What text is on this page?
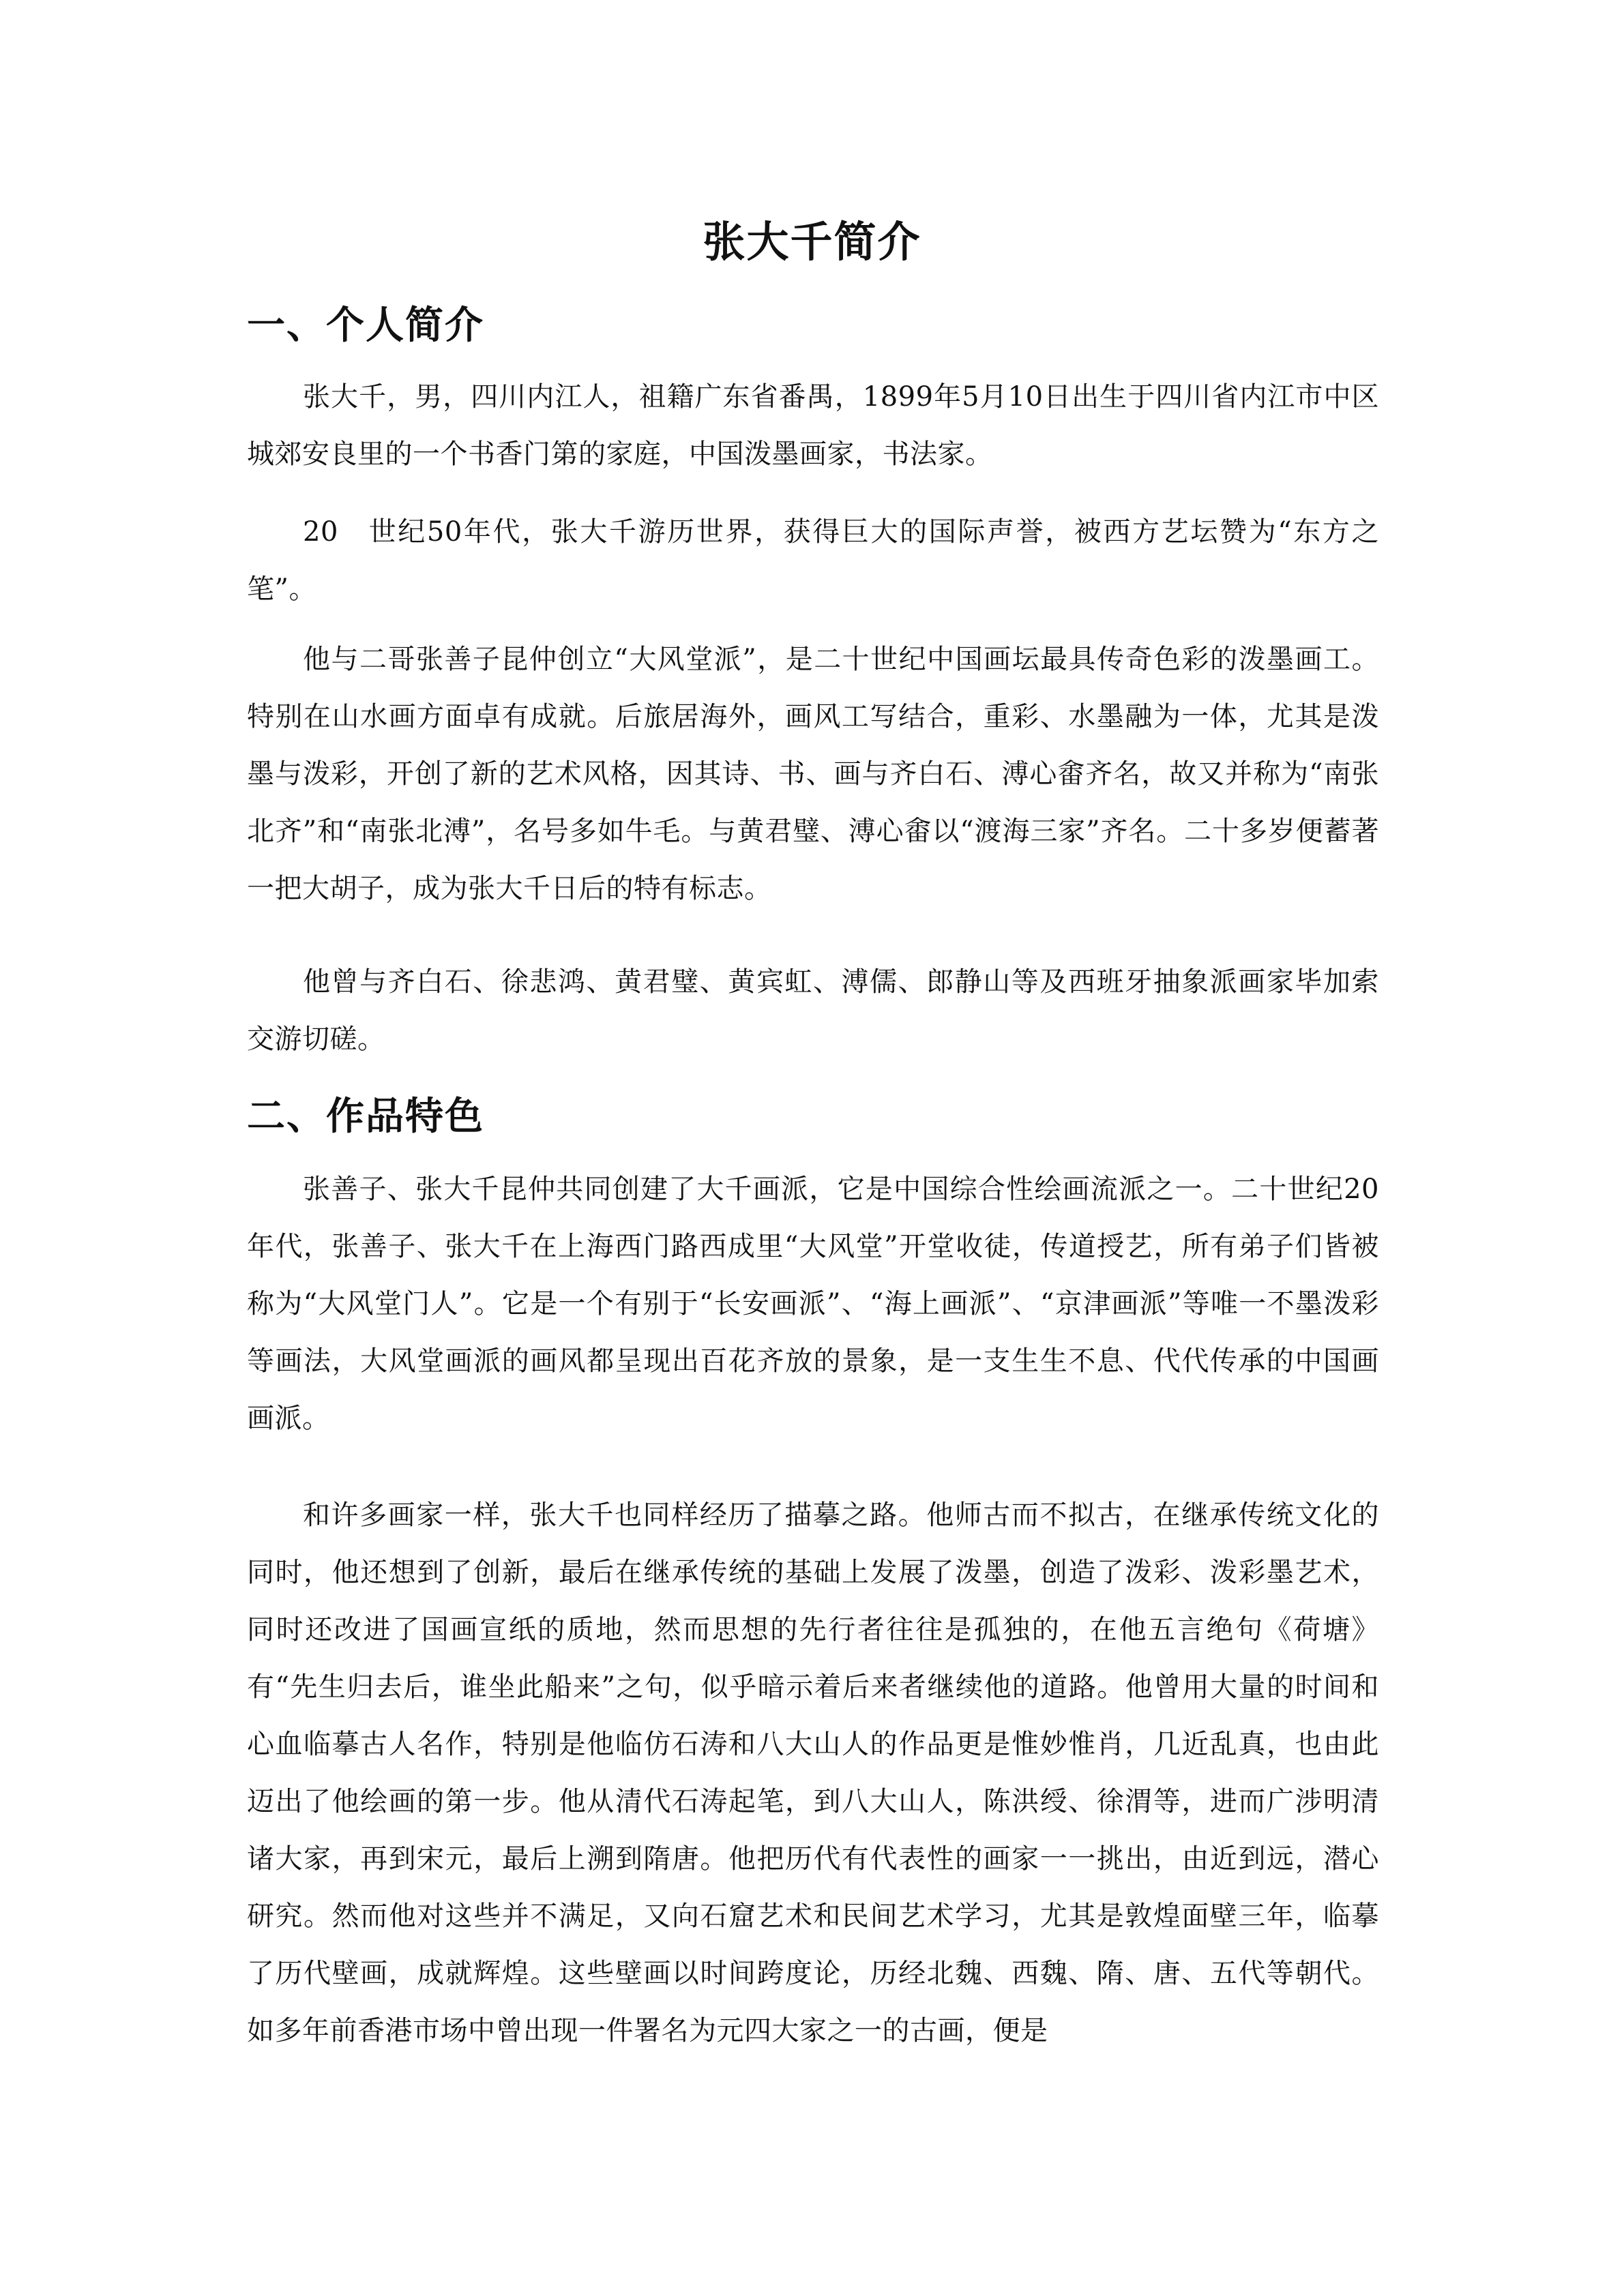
张大千简介
一、个人简介

张大千，男，四川内江人，祖籍广东省番禺，1899年5月10日出生于四川省内江市中区城郊安良里的一个书香门第的家庭，中国泼墨画家，书法家。

20　世纪50年代，张大千游历世界，获得巨大的国际声誉，被西方艺坛赞为“东方之笔”。

他与二哥张善子昆仲创立“大风堂派”，是二十世纪中国画坛最具传奇色彩的泼墨画工。特别在山水画方面卓有成就。后旅居海外，画风工写结合，重彩、水墨融为一体，尤其是泼墨与泼彩，开创了新的艺术风格，因其诗、书、画与齐白石、溥心畬齐名，故又并称为“南张北齐”和“南张北溥”，名号多如牛毛。与黄君璧、溥心畬以“渡海三家”齐名。二十多岁便蓄著一把大胡子，成为张大千日后的特有标志。

他曾与齐白石、徐悲鸿、黄君璧、黄宾虹、溥儒、郎静山等及西班牙抽象派画家毕加索交游切磋。

二、作品特色

张善子、张大千昆仲共同创建了大千画派，它是中国综合性绘画流派之一。二十世纪20年代，张善子、张大千在上海西门路西成里“大风堂”开堂收徒，传道授艺，所有弟子们皆被称为“大风堂门人”。它是一个有别于“长安画派”、“海上画派”、“京津画派”等唯一不墨泼彩等画法，大风堂画派的画风都呈现出百花齐放的景象，是一支生生不息、代代传承的中国画画派。

和许多画家一样，张大千也同样经历了描摹之路。他师古而不拟古，在继承传统文化的同时，他还想到了创新，最后在继承传统的基础上发展了泼墨，创造了泼彩、泼彩墨艺术，同时还改进了国画宣纸的质地，然而思想的先行者往往是孤独的，在他五言绝句《荷塘》有“先生归去后，谁坐此船来”之句，似乎暗示着后来者继续他的道路。他曾用大量的时间和心血临摹古人名作，特别是他临仿石涛和八大山人的作品更是惟妙惟肖，几近乱真，也由此迈出了他绘画的第一步。他从清代石涛起笔，到八大山人，陈洪绶、徐渭等，进而广涉明清诸大家，再到宋元，最后上溯到隋唐。他把历代有代表性的画家一一挑出，由近到远，潜心研究。然而他对这些并不满足，又向石窟艺术和民间艺术学习，尤其是敦煌面壁三年，临摹了历代壁画，成就辉煌。这些壁画以时间跨度论，历经北魏、西魏、隋、唐、五代等朝代。如多年前香港市场中曾出现一件署名为元四大家之一的古画，便是
